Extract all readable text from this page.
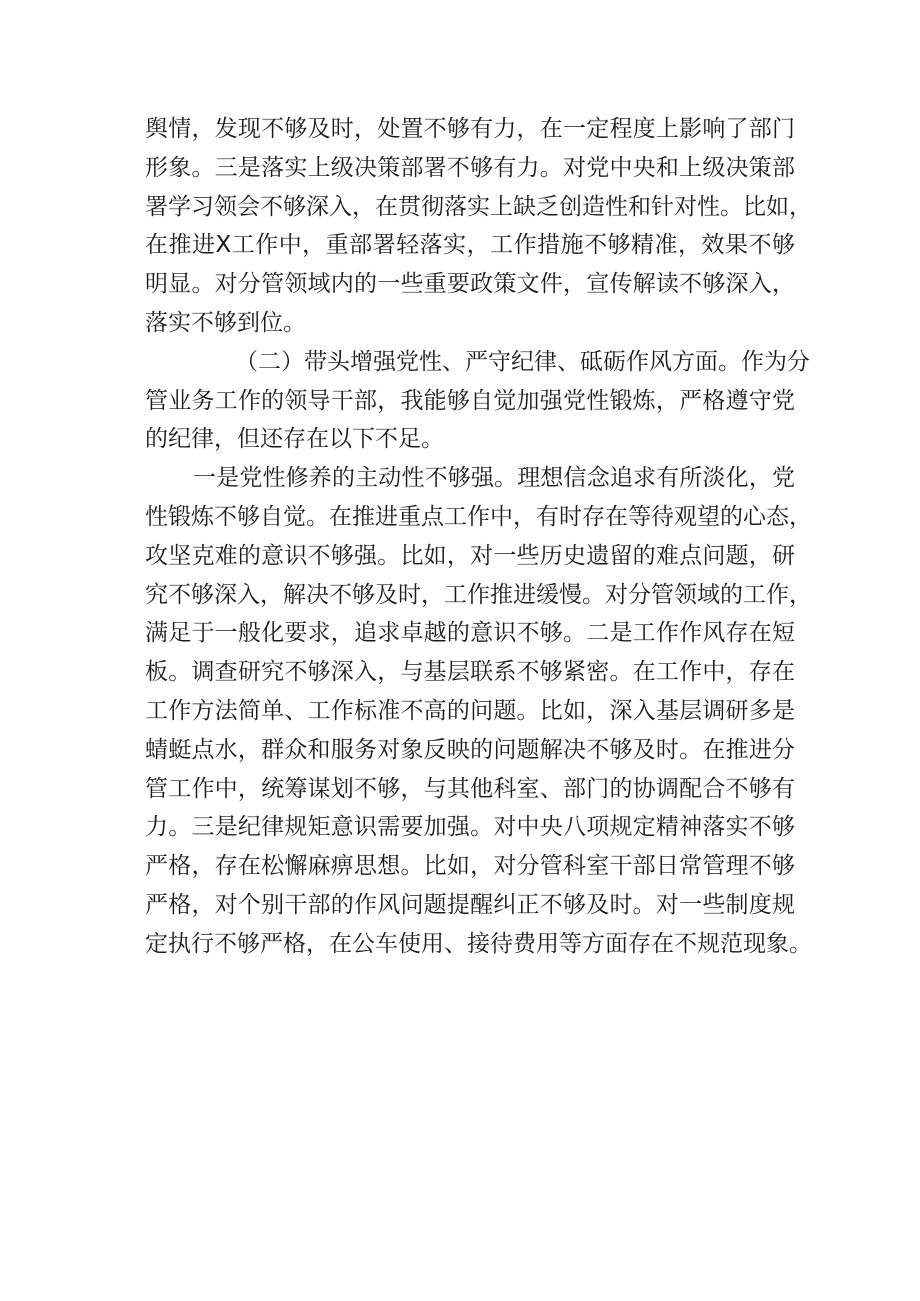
舆情，发现不够及时，处置不够有力，在一定程度上影响了部门
形象。三是落实上级决策部署不够有力。对党中央和上级决策部
署学习领会不够深入，在贯彻落实上缺乏创造性和针对性。比如，
在推进X工作中，重部署轻落实，工作措施不够精准，效果不够
明显。对分管领域内的一些重要政策文件，宣传解读不够深入，
落实不够到位。
（二）带头增强党性、严守纪律、砥砺作风方面。作为分
管业务工作的领导干部，我能够自觉加强党性锻炼，严格遵守党
的纪律，但还存在以下不足。
一是党性修养的主动性不够强。理想信念追求有所淡化，党
性锻炼不够自觉。在推进重点工作中，有时存在等待观望的心态，
攻坚克难的意识不够强。比如，对一些历史遗留的难点问题，研
究不够深入，解决不够及时，工作推进缓慢。对分管领域的工作，
满足于一般化要求，追求卓越的意识不够。二是工作作风存在短
板。调查研究不够深入，与基层联系不够紧密。在工作中，存在
工作方法简单、工作标准不高的问题。比如，深入基层调研多是
蜻蜓点水，群众和服务对象反映的问题解决不够及时。在推进分
管工作中，统筹谋划不够，与其他科室、部门的协调配合不够有
力。三是纪律规矩意识需要加强。对中央八项规定精神落实不够
严格，存在松懈麻痹思想。比如，对分管科室干部日常管理不够
严格，对个别干部的作风问题提醒纠正不够及时。对一些制度规
定执行不够严格，在公车使用、接待费用等方面存在不规范现象。
